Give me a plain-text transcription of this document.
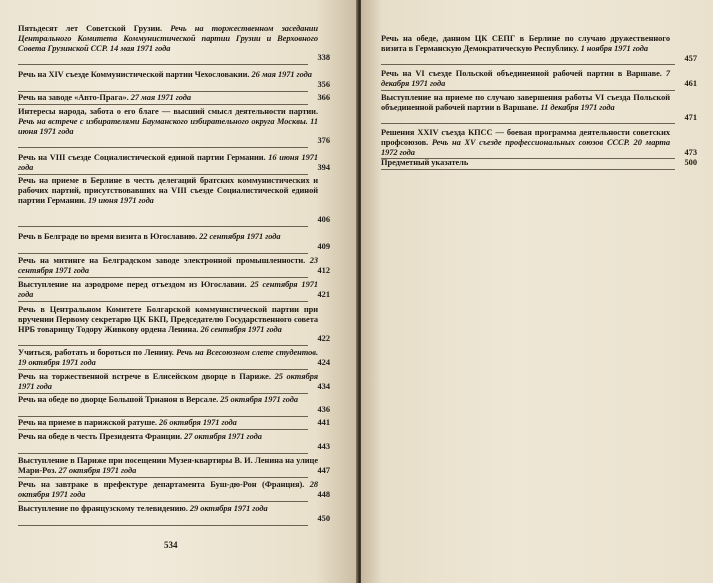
Пятьдесят лет Советской Грузии. Речь на торжественном заседании Центрального Комитета Коммунистической партии Грузии и Верховного Совета Грузинской ССР. 14 мая 1971 года
338
Речь на XIV съезде Коммунистической партии Чехословакии. 26 мая 1971 года
356
Речь на заводе «Авто-Прага». 27 мая 1971 года	366
Интересы народа, забота о его благе — высший смысл деятельности партии. Речь на встрече с избирателями Бауманского избирательного округа Москвы. 11 июня 1971 года
376
Речь на VIII съезде Социалистической единой партии Германии. 16 июня 1971 года	394
Речь на приеме в Берлине в честь делегаций братских коммунистических и рабочих партий, присутствовавших на VIII съезде Социалистической единой партии Германии. 19 июня 1971 года
406
Речь в Белграде во время визита в Югославию. 22 сентября 1971 года
409
Речь на митинге на Белградском заводе электронной промышленности. 23 сентября 1971 года	412
Выступление на аэродроме перед отъездом из Югославии. 25 сентября 1971 года	421
Речь в Центральном Комитете Болгарской коммунистической партии при вручении Первому секретарю ЦК БКП, Председателю Государственного совета НРБ товарищу Тодору Живкову ордена Ленина. 26 сентября 1971 года
422
Учиться, работать и бороться по Ленину. Речь на Всесоюзном слете студентов. 19 октября 1971 года	424
Речь на торжественной встрече в Елисейском дворце в Париже. 25 октября 1971 года	434
Речь на обеде во дворце Большой Трианон в Версале. 25 октября 1971 года
436
Речь на приеме в парижской ратуше. 26 октября 1971 года	441
Речь на обеде в честь Президента Франции. 27 октября 1971 года
443
Выступление в Париже при посещении Музея-квартиры В. И. Ленина на улице Мари-Роз. 27 октября 1971 года	447
Речь на завтраке в префектуре департамента Буш-дю-Рон (Франция). 28 октября 1971 года	448
Выступление по французскому телевидению. 29 октября 1971 года
450
534
Речь на обеде, данном ЦК СЕПГ в Берлине по случаю дружественного визита в Германскую Демократическую Республику. 1 ноября 1971 года
457
Речь на VI съезде Польской объединенной рабочей партии в Варшаве. 7 декабря 1971 года	461
Выступление на приеме по случаю завершения работы VI съезда Польской объединенной рабочей партии в Варшаве. 11 декабря 1971 года
471
Решения XXIV съезда КПСС — боевая программа деятельности советских профсоюзов. Речь на XV съезде профессиональных союзов СССР. 20 марта 1972 года	473
Предметный указатель	500
